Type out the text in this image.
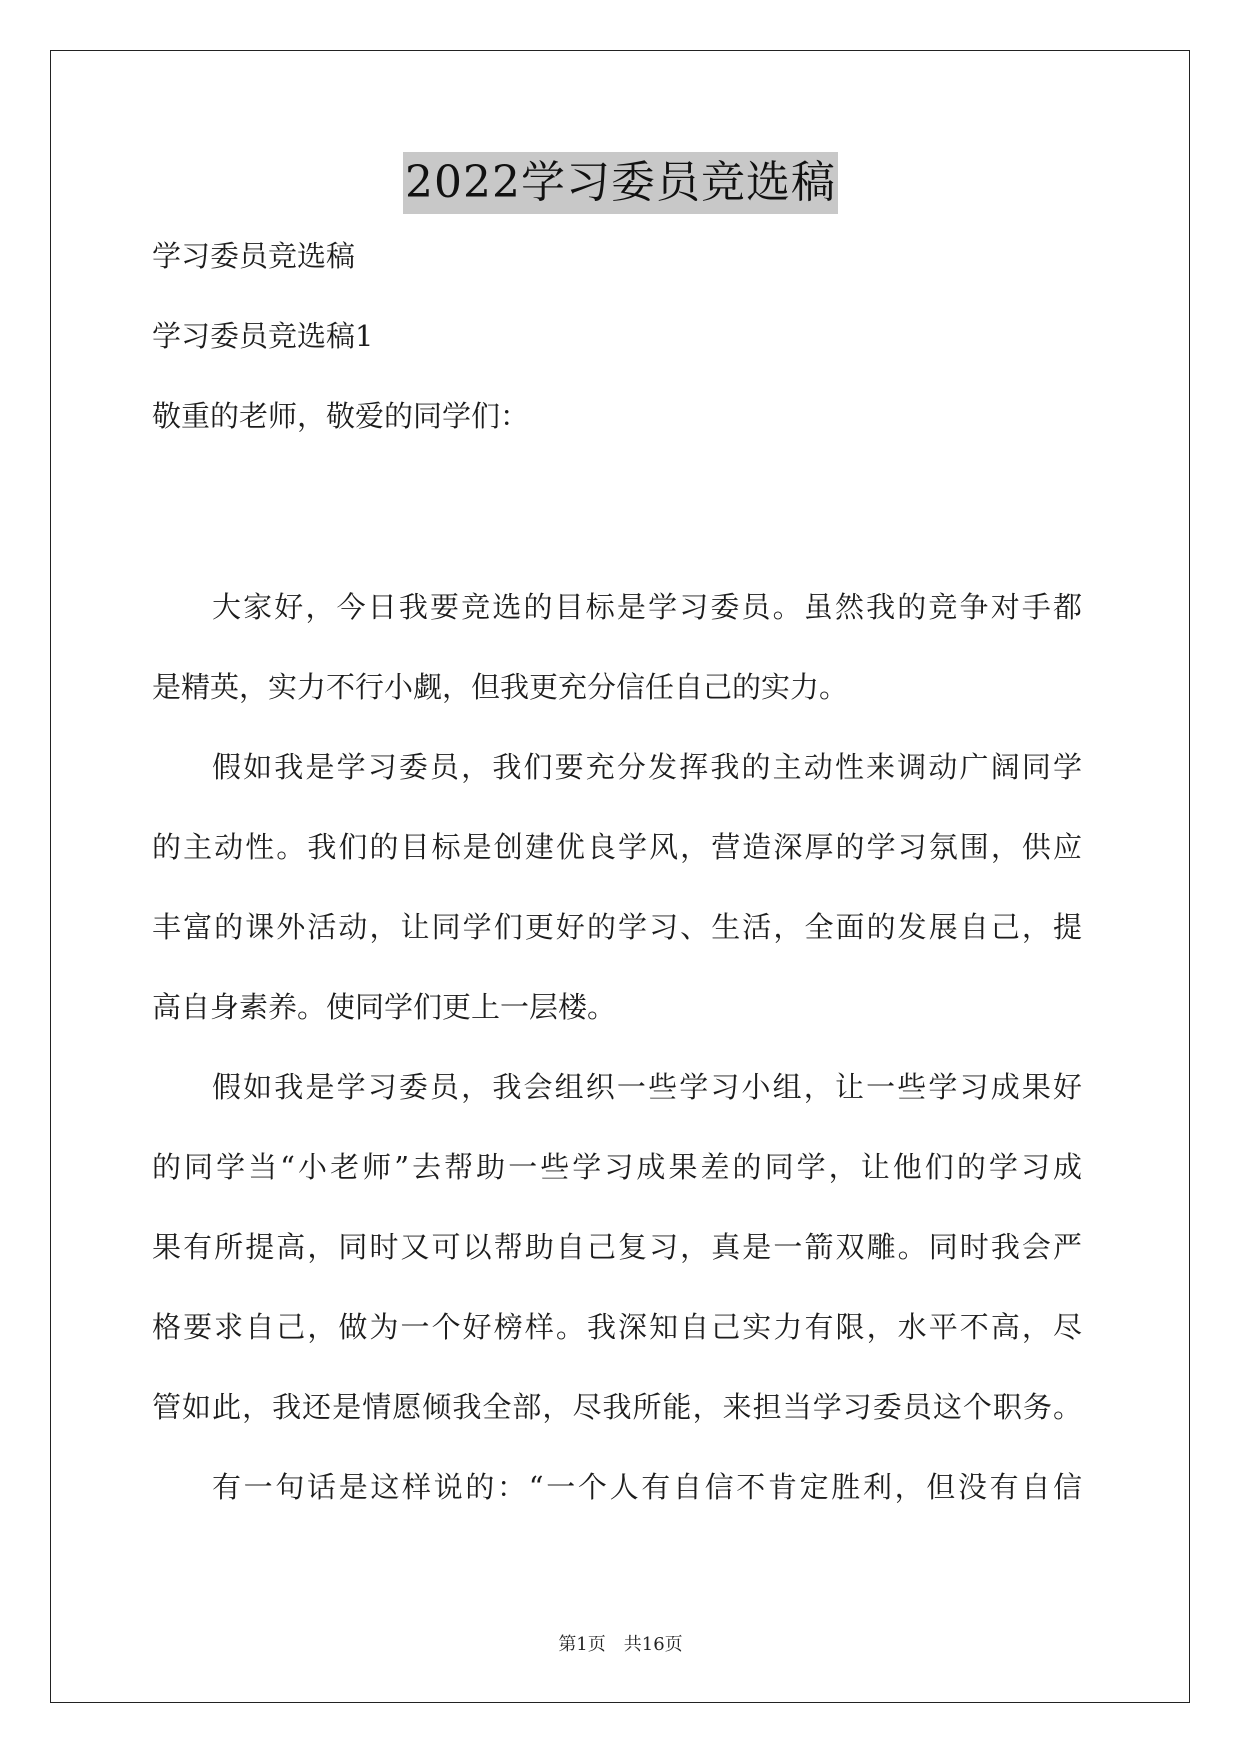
2022学习委员竞选稿
学习委员竞选稿
学习委员竞选稿1
敬重的老师，敬爱的同学们：
大家好，今日我要竞选的目标是学习委员。虽然我的竞争对手都
是精英，实力不行小觑，但我更充分信任自己的实力。
假如我是学习委员，我们要充分发挥我的主动性来调动广阔同学
的主动性。我们的目标是创建优良学风，营造深厚的学习氛围，供应
丰富的课外活动，让同学们更好的学习、生活，全面的发展自己，提
高自身素养。使同学们更上一层楼。
假如我是学习委员，我会组织一些学习小组，让一些学习成果好
的同学当“小老师”去帮助一些学习成果差的同学，让他们的学习成
果有所提高，同时又可以帮助自己复习，真是一箭双雕。同时我会严
格要求自己，做为一个好榜样。我深知自己实力有限，水平不高，尽
管如此，我还是情愿倾我全部，尽我所能，来担当学习委员这个职务。
有一句话是这样说的：“一个人有自信不肯定胜利，但没有自信
第1页　共16页
